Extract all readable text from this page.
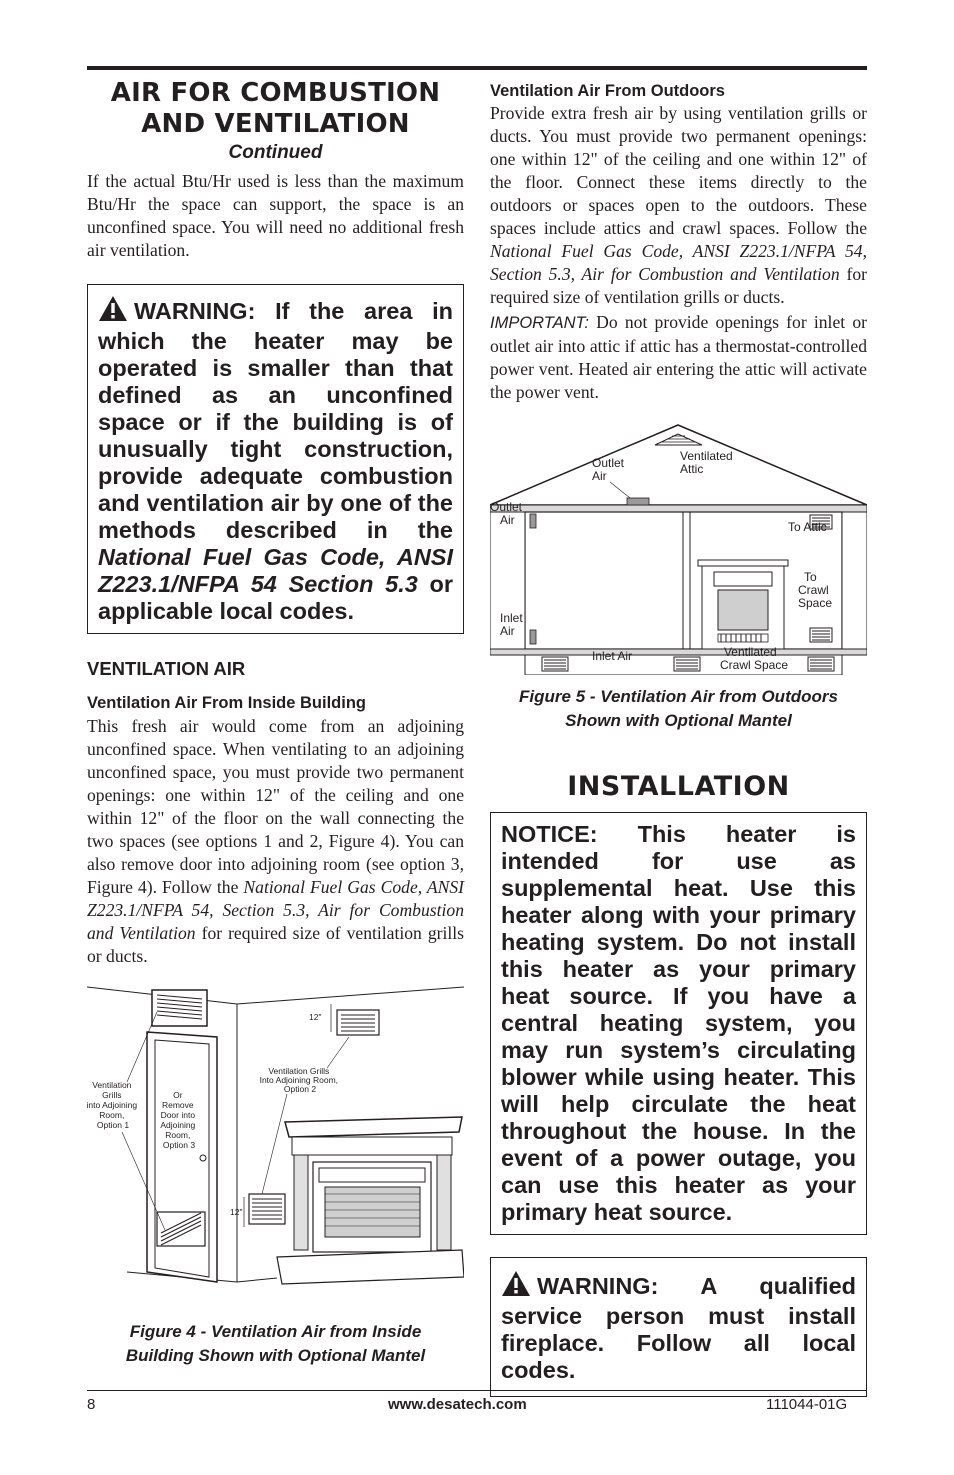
AIR FOR COMBUSTION
AND VENTILATION

Continued

If the actual Btu/Hr used is less than the maximum Btu/Hr the space can support, the space is an unconfined space. You will need no additional fresh air ventilation.

WARNING: If the area in which the heater may be operated is smaller than that defined as an unconfined space or if the building is of unusually tight construction, provide adequate combustion and ventilation air by one of the methods described in the National Fuel Gas Code, ANSI Z223.1/NFPA 54 Section 5.3 or applicable local codes.

VENTILATION AIR
Ventilation Air From Inside Building

This fresh air would come from an adjoining unconfined space. When ventilating to an adjoining unconfined space, you must provide two permanent openings: one within 12" of the ceiling and one within 12" of the floor on the wall connecting the two spaces (see options 1 and 2, Figure 4). You can also remove door into adjoining room (see option 3, Figure 4). Follow the National Fuel Gas Code, ANSI Z223.1/NFPA 54, Section 5.3, Air for Combustion and Ventilation for required size of ventilation grills or ducts.

12"
12"
Ventilation Grills into Adjoining Room, Option 1
Or Remove Door into Adjoining Room, Option 3
Ventilation Grills Into Adjoining Room, Option 2

Figure 4 - Ventilation Air from Inside
Building Shown with Optional Mantel

Ventilation Air From Outdoors

Provide extra fresh air by using ventilation grills or ducts. You must provide two permanent openings: one within 12" of the ceiling and one within 12" of the floor. Connect these items directly to the outdoors or spaces open to the outdoors. These spaces include attics and crawl spaces. Follow the National Fuel Gas Code, ANSI Z223.1/NFPA 54, Section 5.3, Air for Combustion and Ventilation for required size of ventilation grills or ducts.

IMPORTANT: Do not provide openings for inlet or outlet air into attic if attic has a thermostat-controlled power vent. Heated air entering the attic will activate the power vent.

Outlet Air
Ventilated Attic
Outlet Air	To Attic
To Crawl Space
Inlet Air
Inlet Air	Ventilated Crawl Space

Figure 5 - Ventilation Air from Outdoors
Shown with Optional Mantel

INSTALLATION

NOTICE: This heater is intended for use as supplemental heat. Use this heater along with your primary heating system. Do not install this heater as your primary heat source. If you have a central heating system, you may run system’s circulating blower while using heater. This will help circulate the heat throughout the house. In the event of a power outage, you can use this heater as your primary heat source.

WARNING: A qualified service person must install fireplace. Follow all local codes.

8	www.desatech.com	111044-01G
